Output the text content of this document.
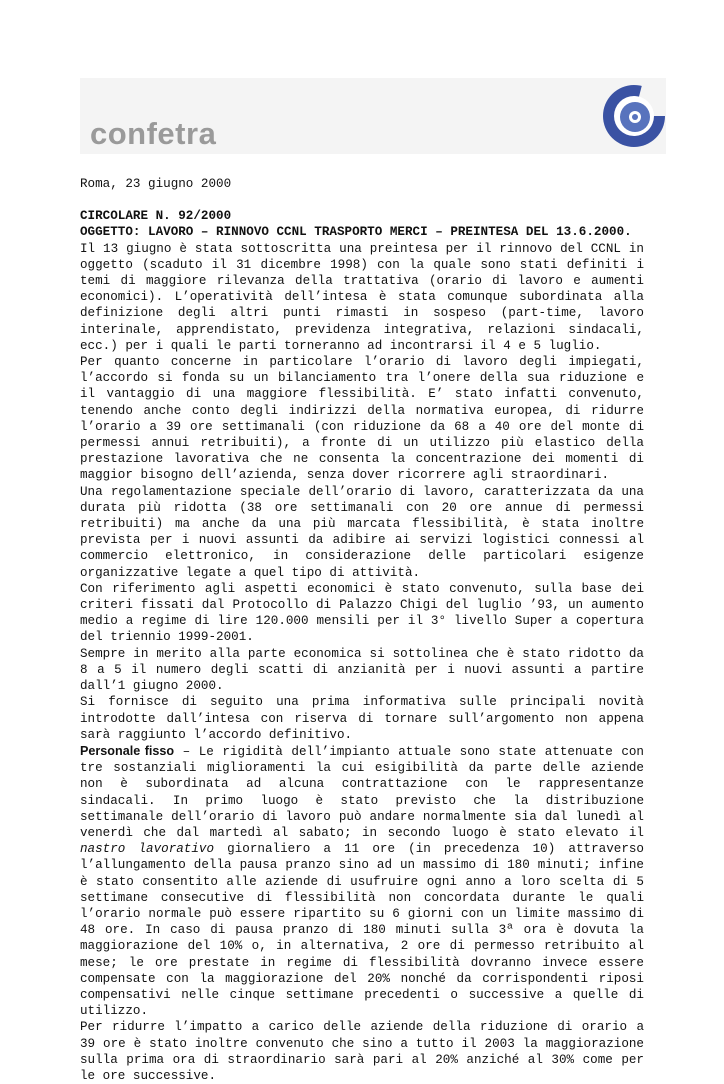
confetra
Roma, 23 giugno 2000
CIRCOLARE N. 92/2000
OGGETTO: LAVORO – RINNOVO CCNL TRASPORTO MERCI – PREINTESA DEL 13.6.2000.

Il 13 giugno è stata sottoscritta una preintesa per il rinnovo del CCNL in oggetto (scaduto il 31 dicembre 1998) con la quale sono stati definiti i temi di maggiore rilevanza della trattativa (orario di lavoro e aumenti economici). L’operatività dell’intesa è stata comunque subordinata alla definizione degli altri punti rimasti in sospeso (part-time, lavoro interinale, apprendistato, previdenza integrativa, relazioni sindacali, ecc.) per i quali le parti torneranno ad incontrarsi il 4 e 5 luglio.

Per quanto concerne in particolare l’orario di lavoro degli impiegati, l’accordo si fonda su un bilanciamento tra l’onere della sua riduzione e il vantaggio di una maggiore flessibilità. E’ stato infatti convenuto, tenendo anche conto degli indirizzi della normativa europea, di ridurre l’orario a 39 ore settimanali (con riduzione da 68 a 40 ore del monte di permessi annui retribuiti), a fronte di un utilizzo più elastico della prestazione lavorativa che ne consenta la concentrazione dei momenti di maggior bisogno dell’azienda, senza dover ricorrere agli straordinari.

Una regolamentazione speciale dell’orario di lavoro, caratterizzata da una durata più ridotta (38 ore settimanali con 20 ore annue di permessi retribuiti) ma anche da una più marcata flessibilità, è stata inoltre prevista per i nuovi assunti da adibire ai servizi logistici connessi al commercio elettronico, in considerazione delle particolari esigenze organizzative legate a quel tipo di attività.

Con riferimento agli aspetti economici è stato convenuto, sulla base dei criteri fissati dal Protocollo di Palazzo Chigi del luglio ’93, un aumento medio a regime di lire 120.000 mensili per il 3° livello Super a copertura del triennio 1999-2001.

Sempre in merito alla parte economica si sottolinea che è stato ridotto da 8 a 5 il numero degli scatti di anzianità per i nuovi assunti a partire dall’1 giugno 2000.

Si fornisce di seguito una prima informativa sulle principali novità introdotte dall’intesa con riserva di tornare sull’argomento non appena sarà raggiunto l’accordo definitivo.

Personale fisso – Le rigidità dell’impianto attuale sono state attenuate con tre sostanziali miglioramenti la cui esigibilità da parte delle aziende non è subordinata ad alcuna contrattazione con le rappresentanze sindacali. In primo luogo è stato previsto che la distribuzione settimanale dell’orario di lavoro può andare normalmente sia dal lunedì al venerdì che dal martedì al sabato; in secondo luogo è stato elevato il nastro lavorativo giornaliero a 11 ore (in precedenza 10) attraverso l’allungamento della pausa pranzo sino ad un massimo di 180 minuti; infine è stato consentito alle aziende di usufruire ogni anno a loro scelta di 5 settimane consecutive di flessibilità non concordata durante le quali l’orario normale può essere ripartito su 6 giorni con un limite massimo di 48 ore. In caso di pausa pranzo di 180 minuti sulla 3ª ora è dovuta la maggiorazione del 10% o, in alternativa, 2 ore di permesso retribuito al mese; le ore prestate in regime di flessibilità dovranno invece essere compensate con la maggiorazione del 20% nonché da corrispondenti riposi compensativi nelle cinque settimane precedenti o successive a quelle di utilizzo.

Per ridurre l’impatto a carico delle aziende della riduzione di orario a 39 ore è stato inoltre convenuto che sino a tutto il 2003 la maggiorazione sulla prima ora di straordinario sarà pari al 20% anziché al 30% come per le ore successive.
